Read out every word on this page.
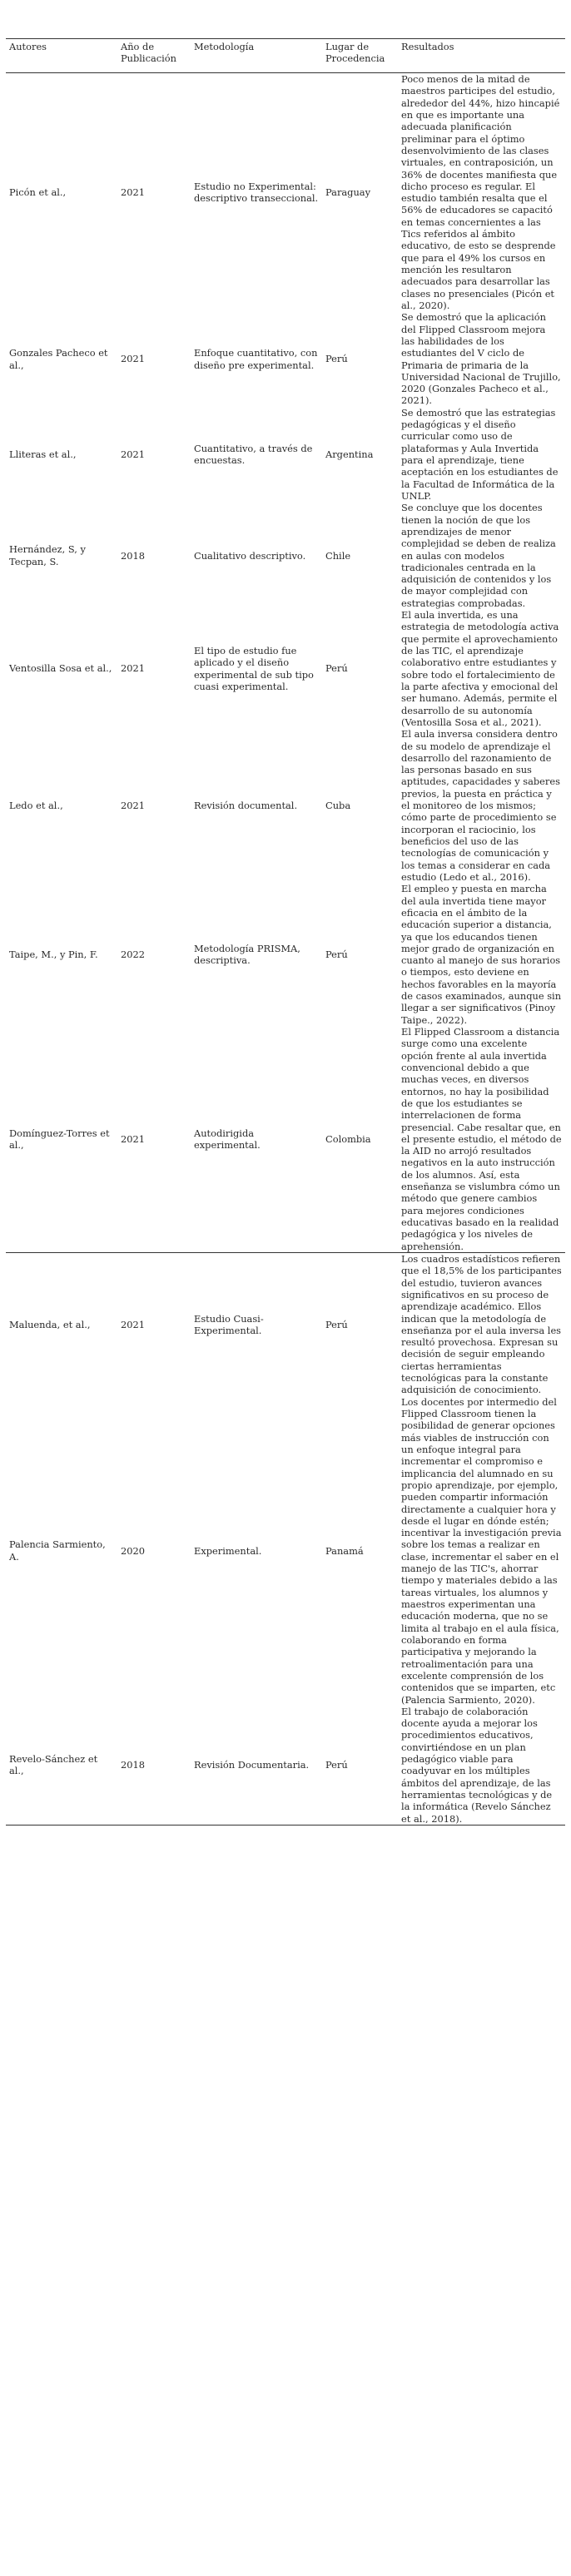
Autores	Año de Publicación	Metodología	Lugar de Procedencia	Resultados
Picón et al.,	2021	Estudio no Experimental: descriptivo transeccional.	Paraguay	Poco menos de la mitad de maestros participes del estudio, alrededor del 44%, hizo hincapié en que es importante una adecuada planificación preliminar para el óptimo desenvolvimiento de las clases virtuales, en contraposición, un 36% de docentes manifiesta que dicho proceso es regular. El estudio también resalta que el 56% de educadores se capacitó en temas concernientes a las Tics referidos al ámbito educativo, de esto se desprende que para el 49% los cursos en mención les resultaron adecuados para desarrollar las clases no presenciales (Picón et al., 2020).
Gonzales Pacheco et al.,	2021	Enfoque cuantitativo, con diseño pre experimental.	Perú	Se demostró que la aplicación del Flipped Classroom mejora las habilidades de los estudiantes del V ciclo de Primaria de primaria de la Universidad Nacional de Trujillo, 2020 (Gonzales Pacheco et al., 2021).
Lliteras et al.,	2021	Cuantitativo, a través de encuestas.	Argentina	Se demostró que las estrategias pedagógicas y el diseño curricular como uso de plataformas y Aula Invertida para el aprendizaje, tiene aceptación en los estudiantes de la Facultad de Informática de la UNLP.
Hernández, S, y Tecpan, S.	2018	Cualitativo descriptivo.	Chile	Se concluye que los docentes tienen la noción de que los aprendizajes de menor complejidad se deben de realiza en aulas con modelos tradicionales centrada en la adquisición de contenidos y los de mayor complejidad con estrategias comprobadas.
Ventosilla Sosa et al.,	2021	El tipo de estudio fue aplicado y el diseño experimental de sub tipo cuasi experimental.	Perú	El aula invertida, es una estrategia de metodología activa que permite el aprovechamiento de las TIC, el aprendizaje colaborativo entre estudiantes y sobre todo el fortalecimiento de la parte afectiva y emocional del ser humano. Además, permite el desarrollo de su autonomía (Ventosilla Sosa et al., 2021).
Ledo et al.,	2021	Revisión documental.	Cuba	El aula inversa considera dentro de su modelo de aprendizaje el desarrollo del razonamiento de las personas basado en sus aptitudes, capacidades y saberes previos, la puesta en práctica y el monitoreo de los mismos; cómo parte de procedimiento se incorporan el raciocinio, los beneficios del uso de las tecnologías de comunicación y los temas a considerar en cada estudio (Ledo et al., 2016).
Taipe, M., y Pin, F.	2022	Metodología PRISMA, descriptiva.	Perú	El empleo y puesta en marcha del aula invertida tiene mayor eficacia en el ámbito de la educación superior a distancia, ya que los educandos tienen mejor grado de organización en cuanto al manejo de sus horarios o tiempos, esto deviene en hechos favorables en la mayoría de casos examinados, aunque sin llegar a ser significativos (Pinoy Taipe., 2022).
Domínguez-Torres et al.,	2021	Autodirigida experimental.	Colombia	El Flipped Classroom a distancia surge como una excelente opción frente al aula invertida convencional debido a que muchas veces, en diversos entornos, no hay la posibilidad de que los estudiantes se interrelacionen de forma presencial. Cabe resaltar que, en el presente estudio, el método de la AID no arrojó resultados negativos en la auto instrucción de los alumnos. Así, esta enseñanza se vislumbra cómo un método que genere cambios para mejores condiciones educativas basado en la realidad pedagógica y los niveles de aprehensión.
Maluenda, et al.,	2021	Estudio Cuasi-Experimental.	Perú	Los cuadros estadísticos refieren que el 18,5% de los participantes del estudio, tuvieron avances significativos en su proceso de aprendizaje académico. Ellos indican que la metodología de enseñanza por el aula inversa les resultó provechosa. Expresan su decisión de seguir empleando ciertas herramientas tecnológicas para la constante adquisición de conocimiento.
Palencia Sarmiento, A.	2020	Experimental.	Panamá	Los docentes por intermedio del Flipped Classroom tienen la posibilidad de generar opciones más viables de instrucción con un enfoque integral para incrementar el compromiso e implicancia del alumnado en su propio aprendizaje, por ejemplo, pueden compartir información directamente a cualquier hora y desde el lugar en dónde estén; incentivar la investigación previa sobre los temas a realizar en clase, incrementar el saber en el manejo de las TIC's, ahorrar tiempo y materiales debido a las tareas virtuales, los alumnos y maestros experimentan una educación moderna, que no se limita al trabajo en el aula física, colaborando en forma participativa y mejorando la retroalimentación para una excelente comprensión de los contenidos que se imparten, etc (Palencia Sarmiento, 2020).
Revelo-Sánchez et al.,	2018	Revisión Documentaria.	Perú	El trabajo de colaboración docente ayuda a mejorar los procedimientos educativos, convirtiéndose en un plan pedagógico viable para coadyuvar en los múltiples ámbitos del aprendizaje, de las herramientas tecnológicas y de la informática (Revelo Sánchez et al., 2018).
